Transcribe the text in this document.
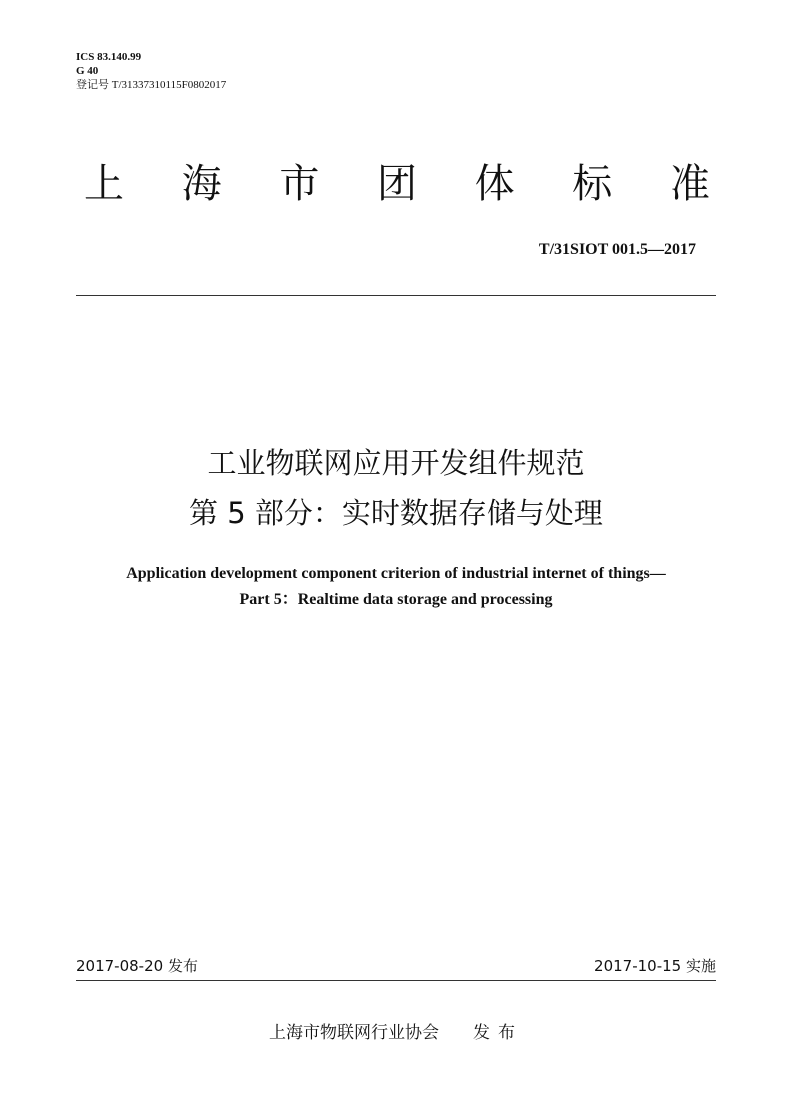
ICS 83.140.99
G 40
登记号 T/31337310115F0802017
上 海 市 团 体 标 准
T/31SIOT 001.5—2017
工业物联网应用开发组件规范
第 5 部分：实时数据存储与处理
Application development component criterion of industrial internet of things—
Part 5：Realtime data storage and processing
2017-08-20 发布	2017-10-15 实施
上海市物联网行业协会 发布
